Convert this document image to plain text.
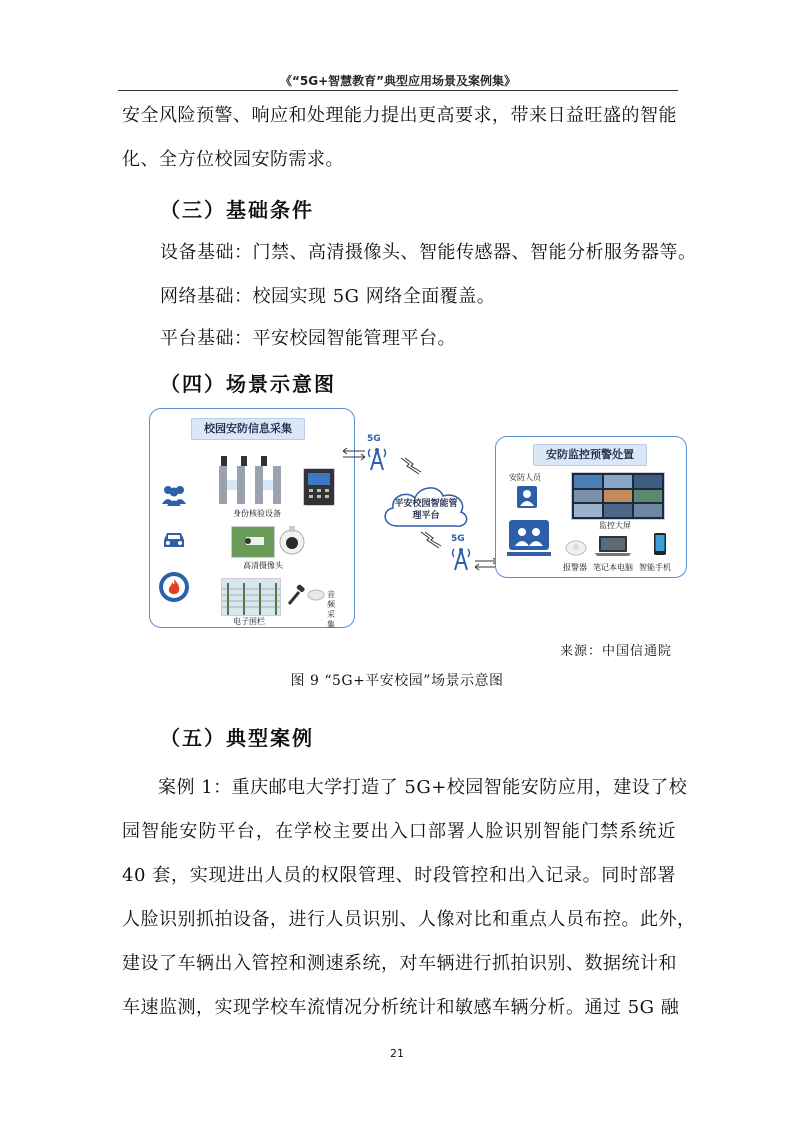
《“5G+智慧教育”典型应用场景及案例集》
安全风险预警、响应和处理能力提出更高要求，带来日益旺盛的智能
化、全方位校园安防需求。
（三）基础条件
设备基础：门禁、高清摄像头、智能传感器、智能分析服务器等。
网络基础：校园实现 5G 网络全面覆盖。
平台基础：平安校园智能管理平台。
（四）场景示意图
校园安防信息采集
身份核验设备
高清摄像头
电子围栏
音频采集
5G
平安校园智能管理平台
5G
安防监控预警处置
安防人员
监控大屏
报警器 笔记本电脑 智能手机
来源：中国信通院
图 9 “5G+平安校园”场景示意图
（五）典型案例
案例 1：重庆邮电大学打造了 5G+校园智能安防应用，建设了校
园智能安防平台，在学校主要出入口部署人脸识别智能门禁系统近
40 套，实现进出人员的权限管理、时段管控和出入记录。同时部署
人脸识别抓拍设备，进行人员识别、人像对比和重点人员布控。此外，
建设了车辆出入管控和测速系统，对车辆进行抓拍识别、数据统计和
车速监测，实现学校车流情况分析统计和敏感车辆分析。通过 5G 融
21
